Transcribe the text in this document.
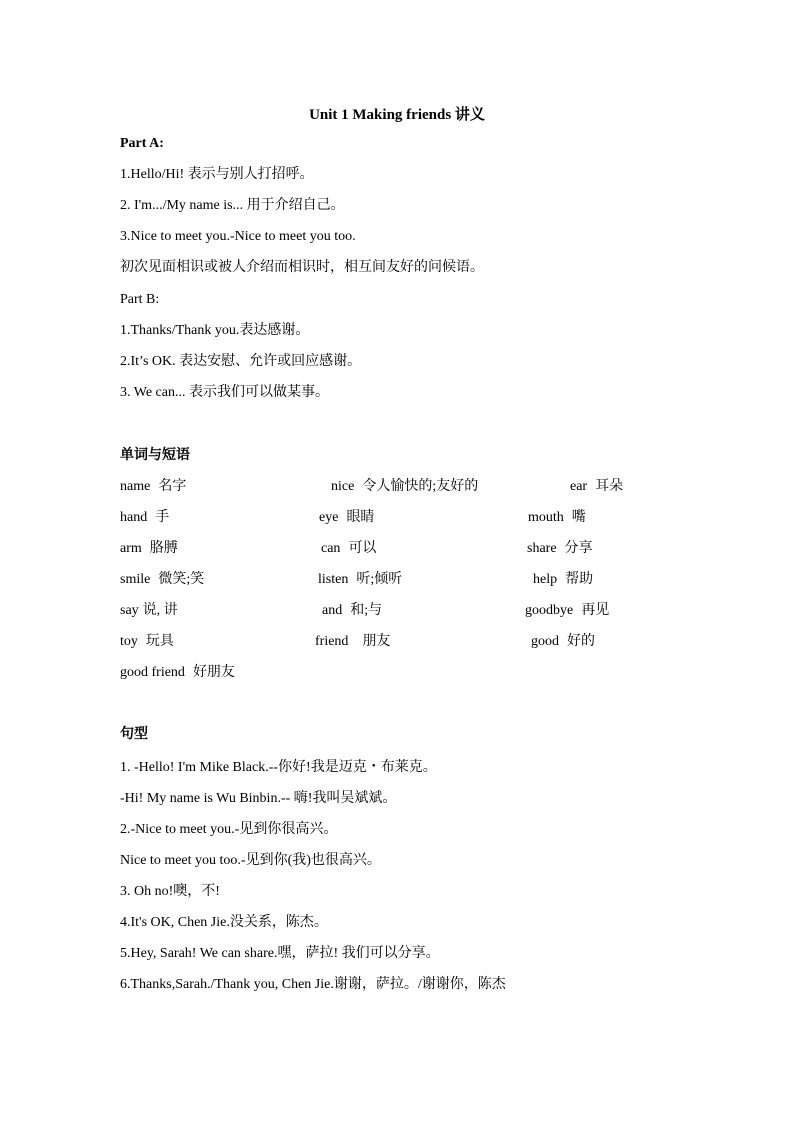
Unit 1 Making friends 讲义
Part A:
1.Hello/Hi! 表示与别人打招呼。
2. I'm.../My name is... 用于介绍自己。
3.Nice to meet you.-Nice to meet you too.
初次见面相识或被人介绍而相识时，相互间友好的问候语。
Part B:
1.Thanks/Thank you.表达感谢。
2.It’s OK. 表达安慰、允许或回应感谢。
3. We can... 表示我们可以做某事。
单词与短语
name 名字	nice 令人愉快的;友好的	ear 耳朵
hand 手	eye 眼睛	mouth 嘴
arm 胳膊	can 可以	share 分享
smile 微笑;笑	listen 听;倾听	help 帮助
say 说, 讲	and 和;与	goodbye 再见
toy 玩具	friend 朋友	good 好的
good friend 好朋友
句型
1. -Hello! I'm Mike Black.--你好!我是迈克・布莱克。
-Hi! My name is Wu Binbin.-- 嗨!我叫吴斌斌。
2.-Nice to meet you.-见到你很高兴。
Nice to meet you too.-见到你(我)也很高兴。
3. Oh no!噢，不!
4.It's OK, Chen Jie.没关系，陈杰。
5.Hey, Sarah! We can share.嘿，萨拉! 我们可以分享。
6.Thanks,Sarah./Thank you, Chen Jie.谢谢，萨拉。/谢谢你，陈杰
